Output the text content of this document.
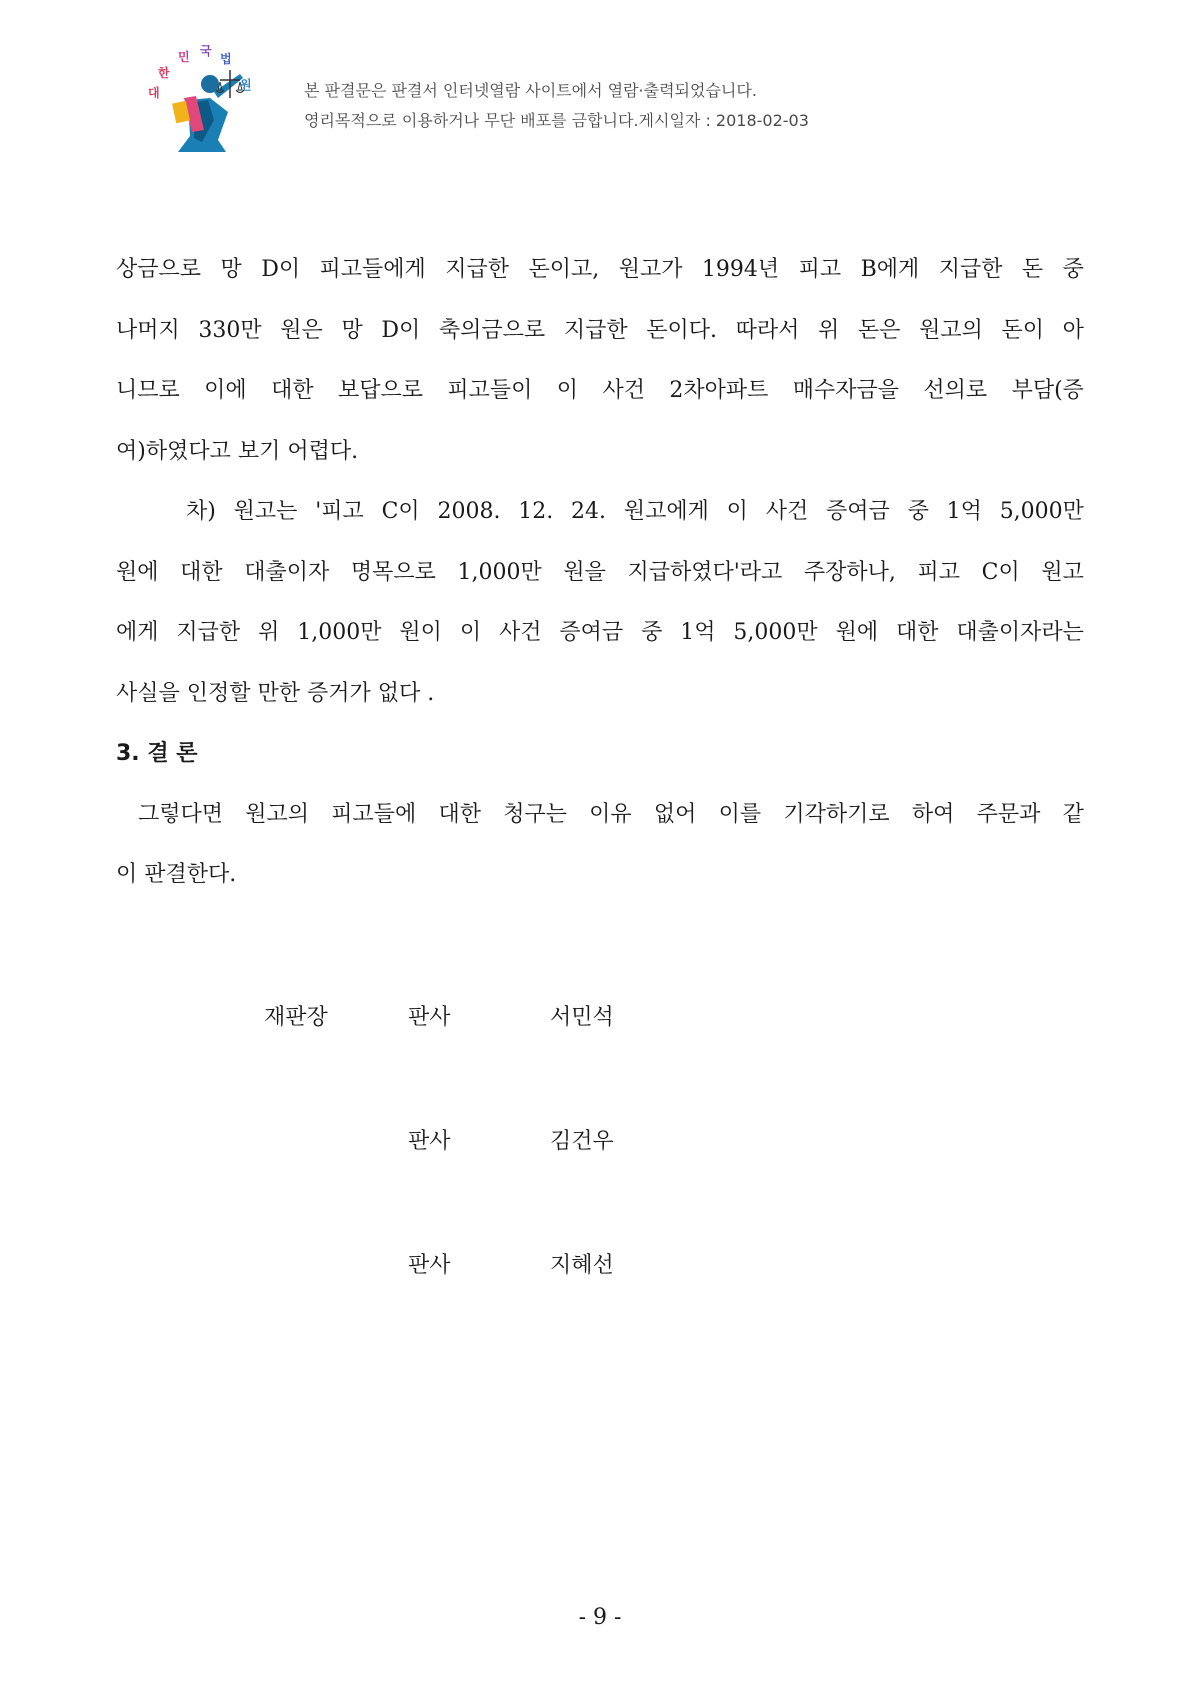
대
한
민 국
법
원	본 판결문은 판결서 인터넷열람 사이트에서 열람·출력되었습니다.
영리목적으로 이용하거나 무단 배포를 금합니다.게시일자 : 2018-02-03
상금으로 망 D이 피고들에게 지급한 돈이고, 원고가 1994년 피고 B에게 지급한 돈 중
나머지 330만 원은 망 D이 축의금으로 지급한 돈이다. 따라서 위 돈은 원고의 돈이 아
니므로 이에 대한 보답으로 피고들이 이 사건 2차아파트 매수자금을 선의로 부담(증
여)하였다고 보기 어렵다.
차) 원고는 '피고 C이 2008. 12. 24. 원고에게 이 사건 증여금 중 1억 5,000만
원에 대한 대출이자 명목으로 1,000만 원을 지급하였다'라고 주장하나, 피고 C이 원고
에게 지급한 위 1,000만 원이 이 사건 증여금 중 1억 5,000만 원에 대한 대출이자라는
사실을 인정할 만한 증거가 없다 .
3. 결 론
그렇다면 원고의 피고들에 대한 청구는 이유 없어 이를 기각하기로 하여 주문과 같
이 판결한다.
재판장	판사	서민석
판사	김건우
판사	지혜선
- 9 -
